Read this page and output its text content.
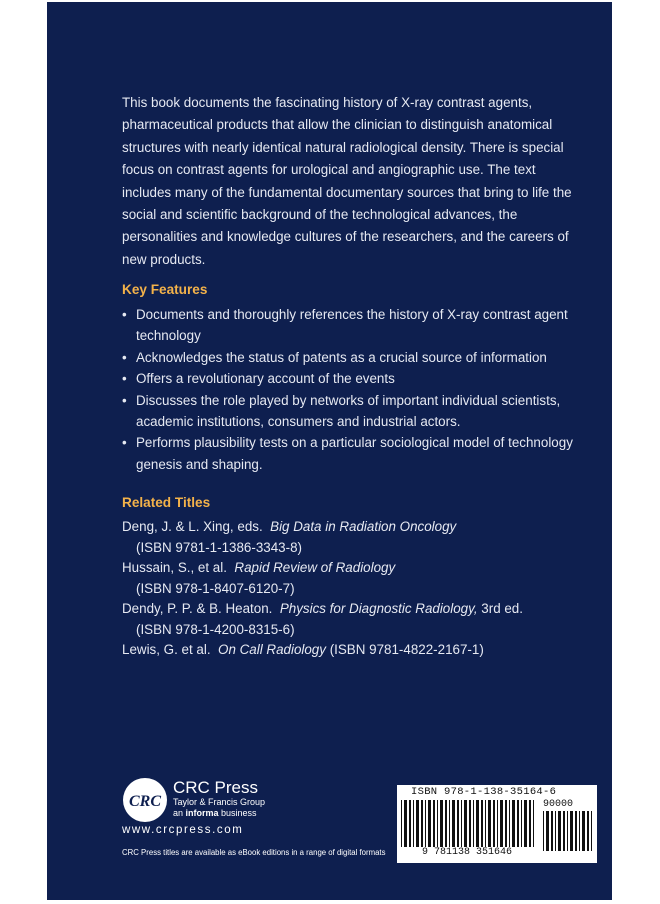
This book documents the fascinating history of X-ray contrast agents, pharmaceutical products that allow the clinician to distinguish anatomical structures with nearly identical natural radiological density. There is special focus on contrast agents for urological and angiographic use. The text includes many of the fundamental documentary sources that bring to life the social and scientific background of the technological advances, the personalities and knowledge cultures of the researchers, and the careers of new products.

Key Features
• Documents and thoroughly references the history of X-ray contrast agent technology
• Acknowledges the status of patents as a crucial source of information
• Offers a revolutionary account of the events
• Discusses the role played by networks of important individual scientists, academic institutions, consumers and industrial actors.
• Performs plausibility tests on a particular sociological model of technology genesis and shaping.
Related Titles
Deng, J. & L. Xing, eds. Big Data in Radiation Oncology
(ISBN 9781-1-1386-3343-8)
Hussain, S., et al. Rapid Review of Radiology
(ISBN 978-1-8407-6120-7)
Dendy, P. P. & B. Heaton. Physics for Diagnostic Radiology, 3rd ed.
(ISBN 978-1-4200-8315-6)
Lewis, G. et al. On Call Radiology (ISBN 9781-4822-2167-1)
CRC
CRC Press
Taylor & Francis Group
an informa business
www.crcpress.com
CRC Press titles are available as eBook editions in a range of digital formats
ISBN 978-1-138-35164-6
90000
9 781138 351646
